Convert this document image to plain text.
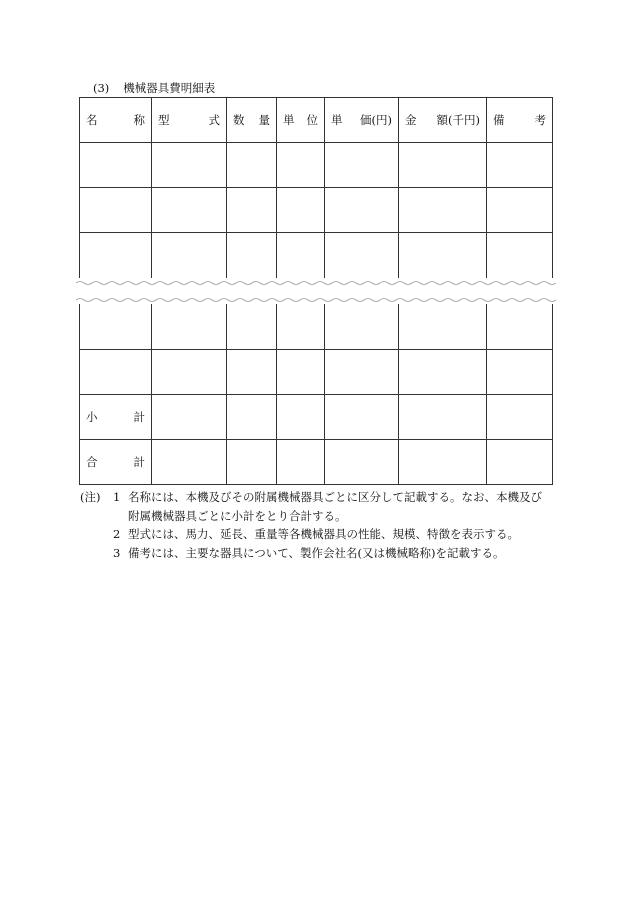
(3) 機械器具費明細表
名 称	型 式	数 量	単 位	単 価(円)	金 額(千円)	備 考

小 計						

合 計						

(注) 1 名称には、本機及びその附属機械器具ごとに区分して記載する。なお、本機及び
附属機械器具ごとに小計をとり合計する。
2 型式には、馬力、延長、重量等各機械器具の性能、規模、特徴を表示する。
3 備考には、主要な器具について、製作会社名(又は機械略称)を記載する。
